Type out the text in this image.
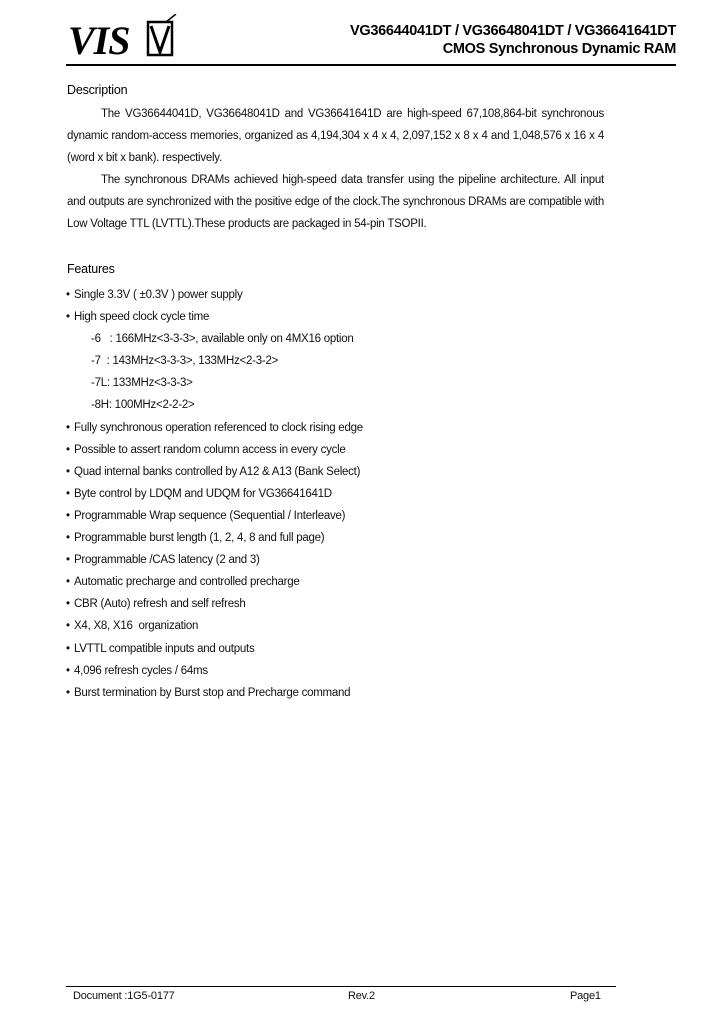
VIS	VG36644041DT / VG36648041DT / VG36641641DT
CMOS Synchronous Dynamic RAM
Description

The VG36644041D, VG36648041D and VG36641641D are high-speed 67,108,864-bit synchronous dynamic random-access memories, organized as 4,194,304 x 4 x 4, 2,097,152 x 8 x 4 and 1,048,576 x 16 x 4 (word x bit x bank). respectively.

The synchronous DRAMs achieved high-speed data transfer using the pipeline architecture. All input and outputs are synchronized with the positive edge of the clock.The synchronous DRAMs are compatible with Low Voltage TTL (LVTTL).These products are packaged in 54-pin TSOPII.

Features
• Single 3.3V ( ±0.3V ) power supply
• High speed clock cycle time
-6   : 166MHz<3-3-3>, available only on 4MX16 option
-7  : 143MHz<3-3-3>, 133MHz<2-3-2>
-7L: 133MHz<3-3-3>
-8H: 100MHz<2-2-2>
• Fully synchronous operation referenced to clock rising edge
• Possible to assert random column access in every cycle
• Quad internal banks controlled by A12 & A13 (Bank Select)
• Byte control by LDQM and UDQM for VG36641641D
• Programmable Wrap sequence (Sequential / Interleave)
• Programmable burst length (1, 2, 4, 8 and full page)
• Programmable /CAS latency (2 and 3)
• Automatic precharge and controlled precharge
• CBR (Auto) refresh and self refresh
• X4, X8, X16  organization
• LVTTL compatible inputs and outputs
• 4,096 refresh cycles / 64ms
• Burst termination by Burst stop and Precharge command
Document :1G5-0177	Rev.2	Page1
